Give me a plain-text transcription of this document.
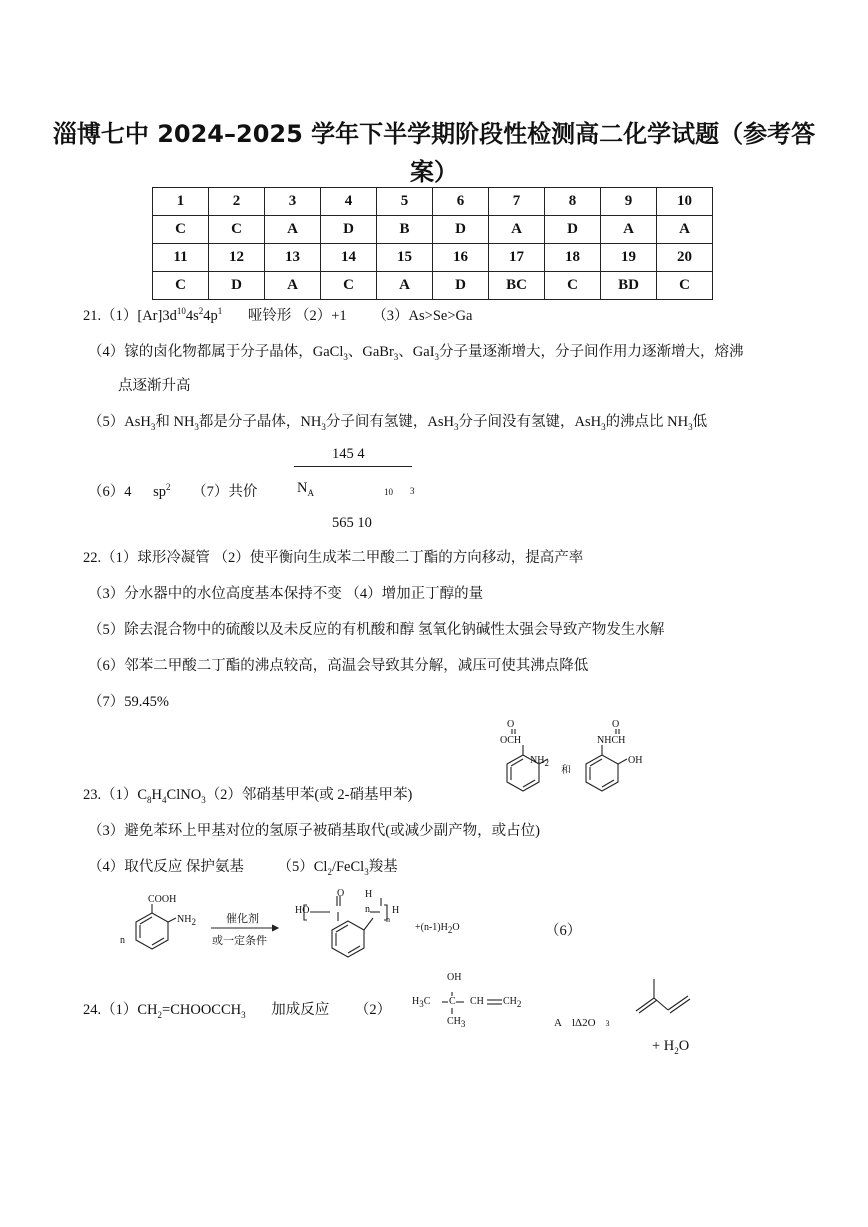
淄博七中 2024–2025 学年下半学期阶段性检测高二化学试题（参考答
案）
1	2	3	4	5	6	7	8	9	10
C	C	A	D	B	D	A	D	A	A
11	12	13	14	15	16	17	18	19	20
C	D	A	C	A	D	BC	C	BD	C
$21.(1)[Ar]3d^{10}4s^24p^1$ 哑铃形 （2）+1 （3）As>Se>Ga
（4）镓的卤化物都属于分子晶体，GaCl$_3$、GaBr$_3$、GaI$_3$分子量逐渐增大，分子间作用力逐渐增大，熔沸
点逐渐升高
（5）AsH$_3$和 $NH_3$都是分子晶体，$NH_3$分子间有氢键，AsH$_3$分子间没有氢键，AsH$_3$的沸点比 $NH_3$低
145 4
（6）4 $sp^2$ （7）共价	$N_A$	10 3
565 10
22.（1）球形冷凝管 （2）使平衡向生成苯二甲酸二丁酯的方向移动，提高产率
（3）分水器中的水位高度基本保持不变 （4）增加正丁醇的量
（5）除去混合物中的硫酸以及未反应的有机酸和醇 氢氧化钠碱性太强会导致产物发生水解
（6）邻苯二甲酸二丁酯的沸点较高，高温会导致其分解，减压可使其沸点降低
（7）59.45%
O
OCH
$NH_2$
和
O
NHCH
OH
$23.(1)C_8H_4ClNO_3(2)$邻硝基甲苯(或 2-硝基甲苯)
（3）避免苯环上甲基对位的氢原子被硝基取代(或减少副产物，或占位)
（4）取代反应 保护氨基 $(5)Cl_2/FeCl_3$羧基
n
COOH
$NH_2$	催化剂
或一定条件
HO
O H
n H
n
$+(n-1)H_2O$	（6）
$24.(1)CH_2=CHOOCCH_3$ 加成反应 （2）
OH
$H_3C$ C CH $CH_2$
$CH_3$	A lΔ2O 3
+ $H_2O$
